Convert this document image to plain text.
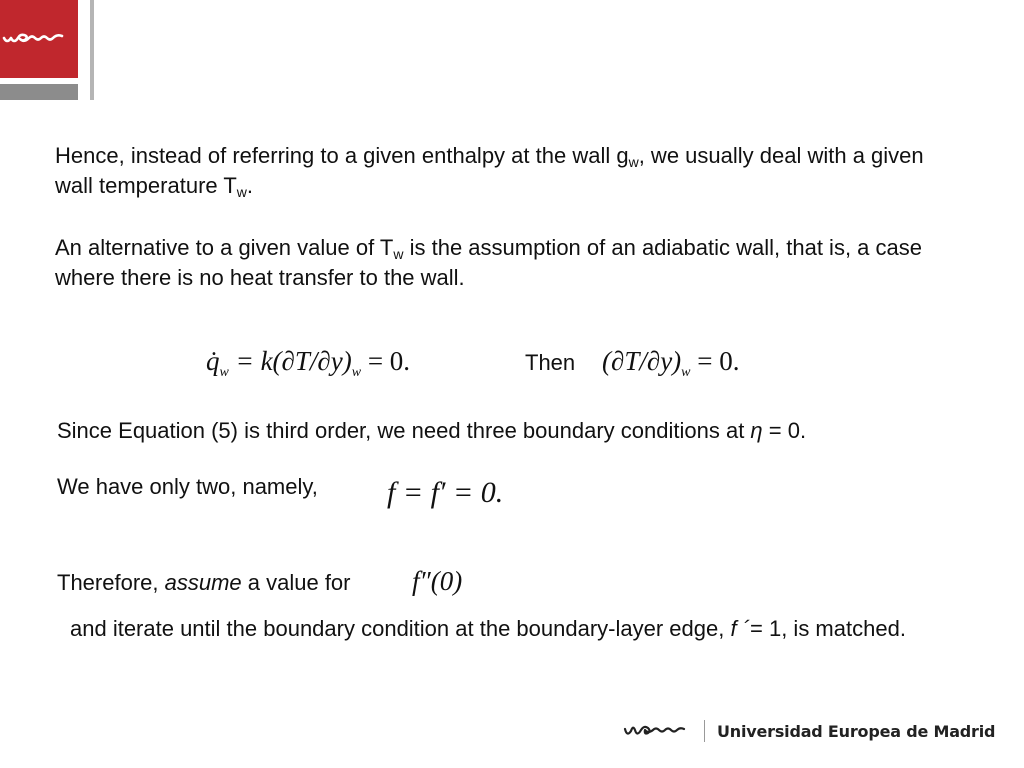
Hence, instead of referring to a given enthalpy at the wall $g_w$, we usually deal with a given wall temperature $T_w$.

An alternative to a given value of $T_w$ is the assumption of an adiabatic wall, that is, a case where there is no heat transfer to the wall.

$q̇_w = k(\partial T/\partial y)_w = 0$.	Then $(\partial T/\partial y)_w = 0$.

Since Equation (5) is third order, we need three boundary conditions at η = 0.

We have only two, namely, f = f′ = 0.

Therefore, assume a value for f″(0)

and iterate until the boundary condition at the boundary-layer edge, f ´= 1, is matched.

Universidad Europea de Madrid
